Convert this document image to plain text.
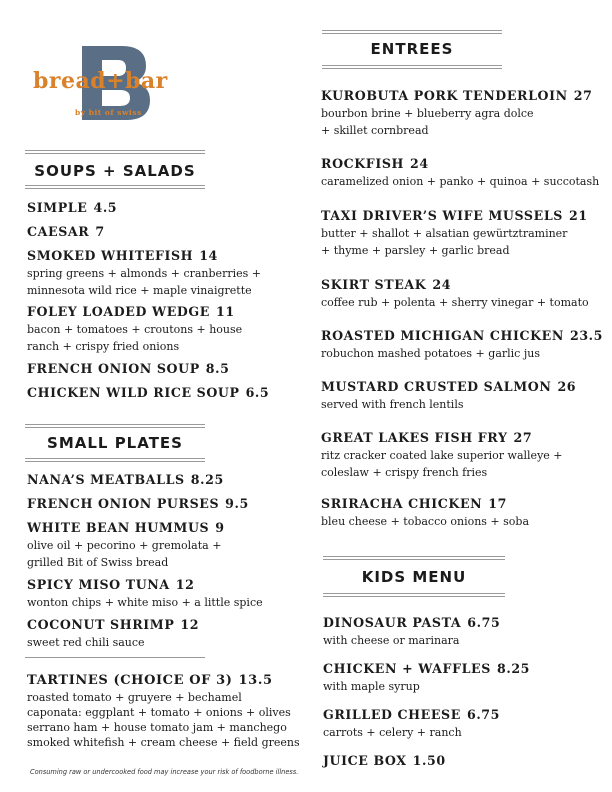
bread+bar
by bit of swiss
SOUPS + SALADS
SIMPLE 4.5
CAESAR 7
SMOKED WHITEFISH 14
spring greens + almonds + cranberries +
minnesota wild rice + maple vinaigrette
FOLEY LOADED WEDGE 11
bacon + tomatoes + croutons + house
ranch + crispy fried onions
FRENCH ONION SOUP 8.5
CHICKEN WILD RICE SOUP 6.5
SMALL PLATES
NANA’S MEATBALLS 8.25
FRENCH ONION PURSES 9.5
WHITE BEAN HUMMUS 9
olive oil + pecorino + gremolata +
grilled Bit of Swiss bread
SPICY MISO TUNA 12
wonton chips + white miso + a little spice
COCONUT SHRIMP 12
sweet red chili sauce
TARTINES (CHOICE OF 3) 13.5
roasted tomato + gruyere + bechamel
caponata: eggplant + tomato + onions + olives
serrano ham + house tomato jam + manchego
smoked whitefish + cream cheese + field greens
Consuming raw or undercooked food may increase your risk of foodborne illness.
ENTREES
KUROBUTA PORK TENDERLOIN 27
bourbon brine + blueberry agra dolce
+ skillet cornbread
ROCKFISH 24
caramelized onion + panko + quinoa + succotash
TAXI DRIVER’S WIFE MUSSELS 21
butter + shallot + alsatian gewürtztraminer
+ thyme + parsley + garlic bread
SKIRT STEAK 24
coffee rub + polenta + sherry vinegar + tomato
ROASTED MICHIGAN CHICKEN 23.5
robuchon mashed potatoes + garlic jus
MUSTARD CRUSTED SALMON 26
served with french lentils
GREAT LAKES FISH FRY 27
ritz cracker coated lake superior walleye +
coleslaw + crispy french fries
SRIRACHA CHICKEN 17
bleu cheese + tobacco onions + soba
KIDS MENU
DINOSAUR PASTA 6.75
with cheese or marinara
CHICKEN + WAFFLES 8.25
with maple syrup
GRILLED CHEESE 6.75
carrots + celery + ranch
JUICE BOX 1.50
